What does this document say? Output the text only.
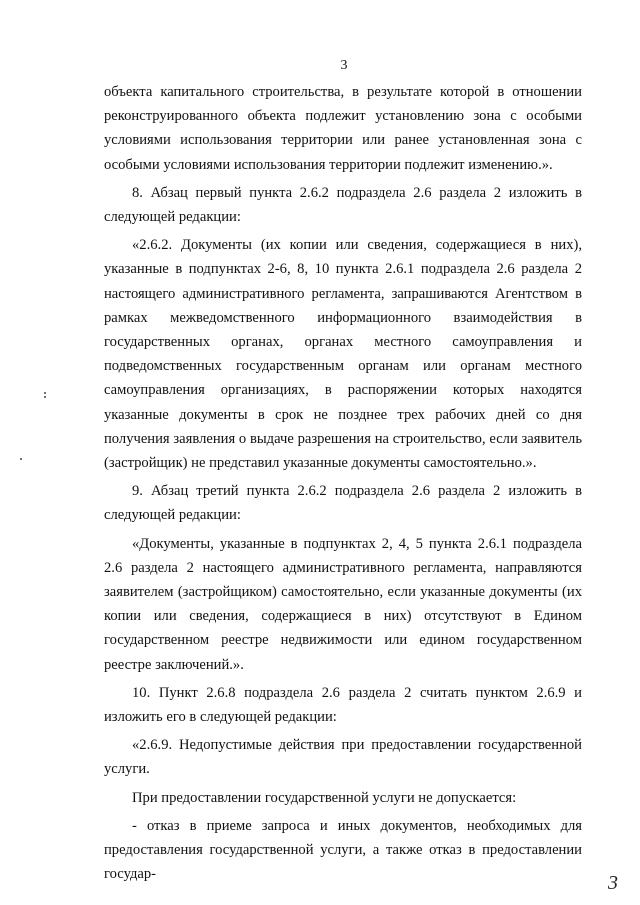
3

объекта капитального строительства, в результате которой в отношении реконструированного объекта подлежит установлению зона с особыми условиями использования территории или ранее установленная зона с особыми условиями использования территории подлежит изменению.».

8. Абзац первый пункта 2.6.2 подраздела 2.6 раздела 2 изложить в следующей редакции:

«2.6.2. Документы (их копии или сведения, содержащиеся в них), указанные в подпунктах 2-6, 8, 10 пункта 2.6.1 подраздела 2.6 раздела 2 настоящего административного регламента, запрашиваются Агентством в рамках межведомственного информационного взаимодействия в государственных органах, органах местного самоуправления и подведомственных государственным органам или органам местного самоуправления организациях, в распоряжении которых находятся указанные документы в срок не позднее трех рабочих дней со дня получения заявления о выдаче разрешения на строительство, если заявитель (застройщик) не представил указанные документы самостоятельно.».

9. Абзац третий пункта 2.6.2 подраздела 2.6 раздела 2 изложить в следующей редакции:

«Документы, указанные в подпунктах 2, 4, 5 пункта 2.6.1 подраздела 2.6 раздела 2 настоящего административного регламента, направляются заявителем (застройщиком) самостоятельно, если указанные документы (их копии или сведения, содержащиеся в них) отсутствуют в Едином государственном реестре недвижимости или едином государственном реестре заключений.».

10. Пункт 2.6.8 подраздела 2.6 раздела 2 считать пунктом 2.6.9 и изложить его в следующей редакции:

«2.6.9. Недопустимые действия при предоставлении государственной услуги.

При предоставлении государственной услуги не допускается:

- отказ в приеме запроса и иных документов, необходимых для предоставления государственной услуги, а также отказ в предоставлении государ-	3
